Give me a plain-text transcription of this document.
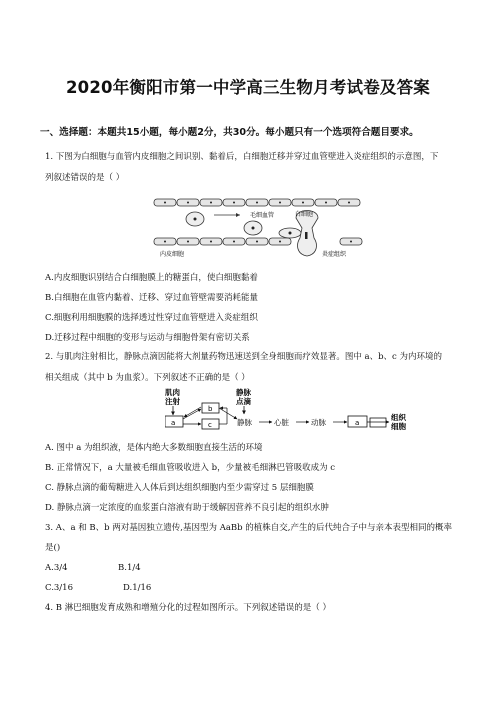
2020年衡阳市第一中学高三生物月考试卷及答案
一、选择题：本题共15小题，每小题2分，共30分。每小题只有一个选项符合题目要求。
1. 下图为白细胞与血管内皮细胞之间识别、黏着后，白细胞迁移并穿过血管壁进入炎症组织的示意图，下
列叙述错误的是（ ）
毛细血管	白细胞
内皮细胞	炎症组织
A.内皮细胞识别结合白细胞膜上的糖蛋白，使白细胞黏着
B.白细胞在血管内黏着、迁移、穿过血管壁需要消耗能量
C.细胞利用细胞膜的选择透过性穿过血管壁进入炎症组织
D.迁移过程中细胞的变形与运动与细胞骨架有密切关系
2. 与肌肉注射相比，静脉点滴因能将大剂量药物迅速送到全身细胞而疗效显著。图中 a、b、c 为内环境的
相关组成（其中 b 为血浆）。下列叙述不正确的是（ ）
肌肉
注射
a
b
c
静脉
点滴
静脉	心脏	动脉	a
组织
细胞
A. 图中 a 为组织液，是体内绝大多数细胞直接生活的环境
B. 正常情况下，a 大量被毛细血管吸收进入 b，少量被毛细淋巴管吸收成为 c
C. 静脉点滴的葡萄糖进入人体后到达组织细胞内至少需穿过 5 层细胞膜
D. 静脉点滴一定浓度的血浆蛋白溶液有助于缓解因营养不良引起的组织水肿
3. A、a 和 B、b 两对基因独立遗传,基因型为 AaBb 的植株自交,产生的后代纯合子中与亲本表型相同的概率
是()
A.3/4	B.1/4
C.3/16	D.1/16
4. B 淋巴细胞发育成熟和增殖分化的过程如图所示。下列叙述错误的是（ ）
